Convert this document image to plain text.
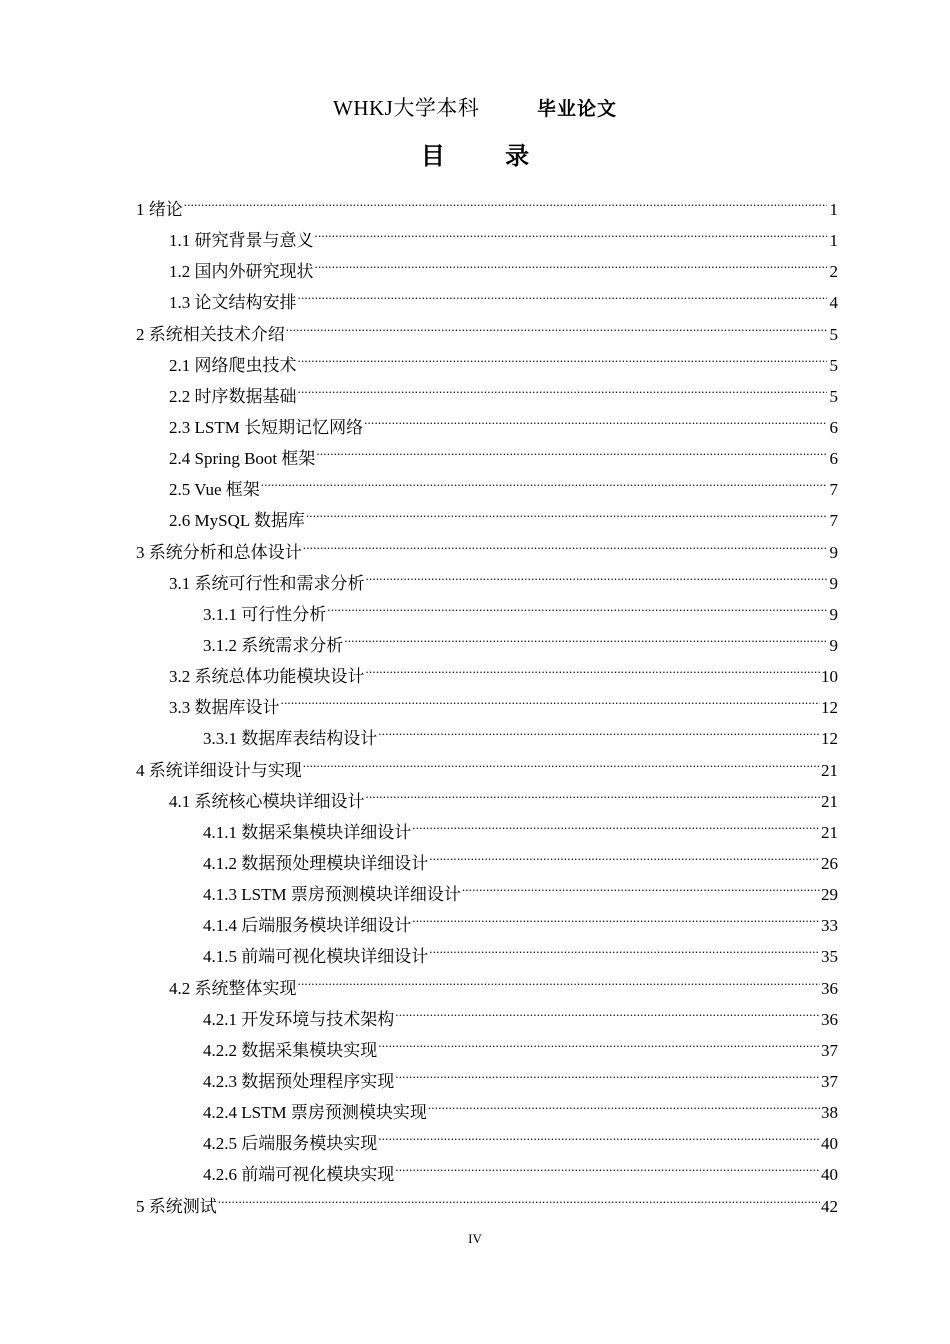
WHKJ大学本科	毕业论文
目 录
1 绪论 .....	1
1.1 研究背景与意义 .....	1
1.2 国内外研究现状 .....	2
1.3 论文结构安排 .....	4
2 系统相关技术介绍 .....	5
2.1 网络爬虫技术 .....	5
2.2 时序数据基础 .....	5
2.3 LSTM 长短期记忆网络 .....	6
2.4 Spring Boot 框架 .....	6
2.5 Vue 框架 .....	7
2.6 MySQL 数据库 .....	7
3 系统分析和总体设计 .....	9
3.1 系统可行性和需求分析 .....	9
3.1.1 可行性分析 .....	9
3.1.2 系统需求分析 .....	9
3.2 系统总体功能模块设计 .....	10
3.3 数据库设计 .....	12
3.3.1 数据库表结构设计 .....	12
4 系统详细设计与实现 .....	21
4.1 系统核心模块详细设计 .....	21
4.1.1 数据采集模块详细设计 .....	21
4.1.2 数据预处理模块详细设计 .....	26
4.1.3 LSTM 票房预测模块详细设计 .....	29
4.1.4 后端服务模块详细设计 .....	33
4.1.5 前端可视化模块详细设计 .....	35
4.2 系统整体实现 .....	36
4.2.1 开发环境与技术架构 .....	36
4.2.2 数据采集模块实现 .....	37
4.2.3 数据预处理程序实现 .....	37
4.2.4 LSTM 票房预测模块实现 .....	38
4.2.5 后端服务模块实现 .....	40
4.2.6 前端可视化模块实现 .....	40
5 系统测试 .....	42
IV
